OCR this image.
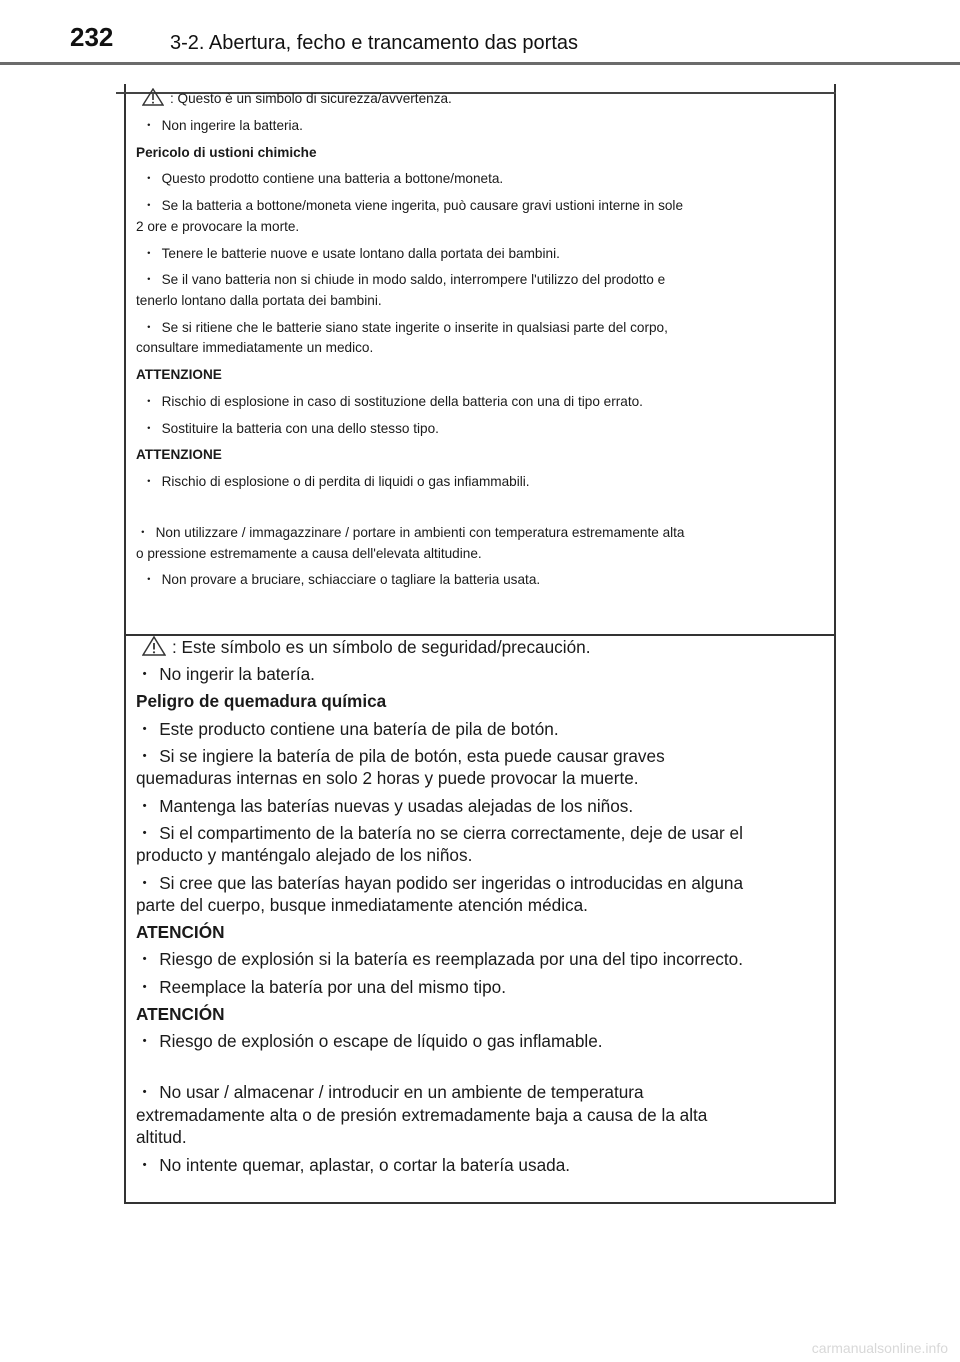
232	3-2. Abertura, fecho e trancamento das portas

: Questo è un simbolo di sicurezza/avvertenza.

・ Non ingerire la batteria.

Pericolo di ustioni chimiche

・ Questo prodotto contiene una batteria a bottone/moneta.

・ Se la batteria a bottone/moneta viene ingerita, può causare gravi ustioni interne in sole

2 ore e provocare la morte.

・ Tenere le batterie nuove e usate lontano dalla portata dei bambini.

・ Se il vano batteria non si chiude in modo saldo, interrompere l'utilizzo del prodotto e

tenerlo lontano dalla portata dei bambini.

・ Se si ritiene che le batterie siano state ingerite o inserite in qualsiasi parte del corpo,

consultare immediatamente un medico.

ATTENZIONE

・ Rischio di esplosione in caso di sostituzione della batteria con una di tipo errato.

・ Sostituire la batteria con una dello stesso tipo.

ATTENZIONE

・ Rischio di esplosione o di perdita di liquidi o gas infiammabili.

・ Non utilizzare / immagazzinare / portare in ambienti con temperatura estremamente alta

o pressione estremamente a causa dell'elevata altitudine.

・ Non provare a bruciare, schiacciare o tagliare la batteria usata.

: Este símbolo es un símbolo de seguridad/precaución.

・ No ingerir la batería.

Peligro de quemadura química

・ Este producto contiene una batería de pila de botón.

・ Si se ingiere la batería de pila de botón, esta puede causar graves

quemaduras internas en solo 2 horas y puede provocar la muerte.

・ Mantenga las baterías nuevas y usadas alejadas de los niños.

・ Si el compartimento de la batería no se cierra correctamente, deje de usar el

producto y manténgalo alejado de los niños.

・ Si cree que las baterías hayan podido ser ingeridas o introducidas en alguna

parte del cuerpo, busque inmediatamente atención médica.

ATENCIÓN

・ Riesgo de explosión si la batería es reemplazada por una del tipo incorrecto.

・ Reemplace la batería por una del mismo tipo.

ATENCIÓN

・ Riesgo de explosión o escape de líquido o gas inflamable.

・ No usar / almacenar / introducir en un ambiente de temperatura

extremadamente alta o de presión extremadamente baja a causa de la alta

altitud.

・ No intente quemar, aplastar, o cortar la batería usada.

carmanualsonline.info
